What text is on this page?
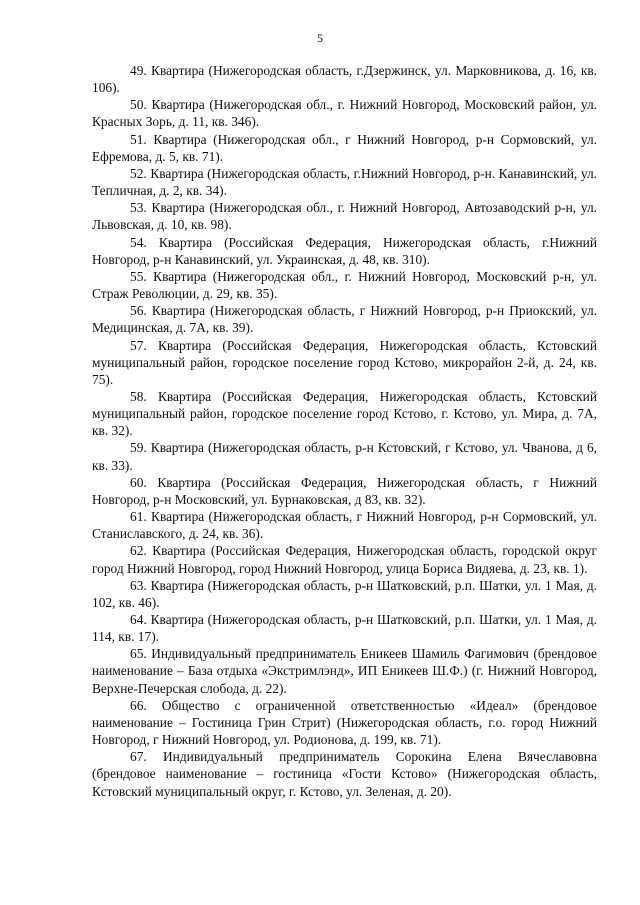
5

49. Квартира (Нижегородская область, г.Дзержинск, ул. Марковникова, д. 16, кв. 106).

50. Квартира (Нижегородская обл., г. Нижний Новгород, Московский район, ул. Красных Зорь, д. 11, кв. 346).

51. Квартира (Нижегородская обл., г Нижний Новгород, р-н Сормовский, ул. Ефремова, д. 5, кв. 71).

52. Квартира (Нижегородская область, г.Нижний Новгород, р-н. Канавинский, ул. Тепличная, д. 2, кв. 34).

53. Квартира (Нижегородская обл., г. Нижний Новгород, Автозаводский р-н, ул. Львовская, д. 10, кв. 98).

54. Квартира (Российская Федерация, Нижегородская область, г.Нижний Новгород, р-н Канавинский, ул. Украинская, д. 48, кв. 310).

55. Квартира (Нижегородская обл., г. Нижний Новгород, Московский р-н, ул. Страж Революции, д. 29, кв. 35).

56. Квартира (Нижегородская область, г Нижний Новгород, р-н Приокский, ул. Медицинская, д. 7А, кв. 39).

57. Квартира (Российская Федерация, Нижегородская область, Кстовский муниципальный район, городское поселение город Кстово, микрорайон 2-й, д. 24, кв. 75).

58. Квартира (Российская Федерация, Нижегородская область, Кстовский муниципальный район, городское поселение город Кстово, г. Кстово, ул. Мира, д. 7А, кв. 32).

59. Квартира (Нижегородская область, р-н Кстовский, г Кстово, ул. Чванова, д 6, кв. 33).

60. Квартира (Российская Федерация, Нижегородская область, г Нижний Новгород, р-н Московский, ул. Бурнаковская, д 83, кв. 32).

61. Квартира (Нижегородская область, г Нижний Новгород, р-н Сормовский, ул. Станиславского, д. 24, кв. 36).

62. Квартира (Российская Федерация, Нижегородская область, городской округ город Нижний Новгород, город Нижний Новгород, улица Бориса Видяева, д. 23, кв. 1).

63. Квартира (Нижегородская область, р-н Шатковский, р.п. Шатки, ул. 1 Мая, д. 102, кв. 46).

64. Квартира (Нижегородская область, р-н Шатковский, р.п. Шатки, ул. 1 Мая, д. 114, кв. 17).

65. Индивидуальный предприниматель Еникеев Шамиль Фагимович (брендовое наименование – База отдыха «Экстримлэнд», ИП Еникеев Ш.Ф.) (г. Нижний Новгород, Верхне-Печерская слобода, д. 22).

66. Общество с ограниченной ответственностью «Идеал» (брендовое наименование – Гостиница Грин Стрит) (Нижегородская область, г.о. город Нижний Новгород, г Нижний Новгород, ул. Родионова, д. 199, кв. 71).

67. Индивидуальный предприниматель Сорокина Елена Вячеславовна (брендовое наименование – гостиница «Гости Кстово» (Нижегородская область, Кстовский муниципальный округ, г. Кстово, ул. Зеленая, д. 20).
